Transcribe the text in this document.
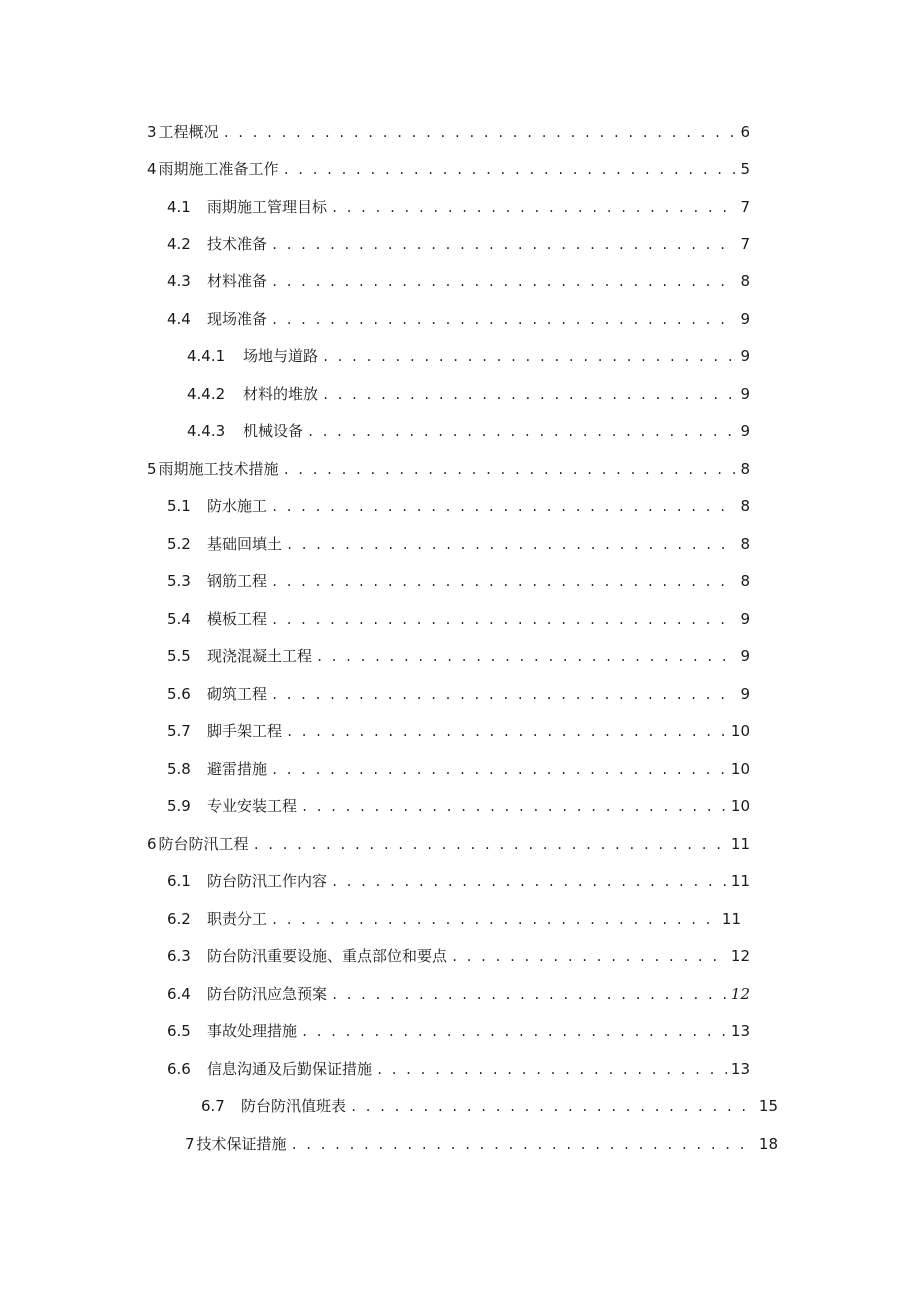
3 工程概况 . . .	6
4 雨期施工准备工作 . . .	5
4.1	雨期施工管理目标 . . .	7
4.2	技术准备 . . .	7
4.3	材料准备 . . .	8
4.4	现场准备 . . .	9
4.4.1	场地与道路 . . .	9
4.4.2	材料的堆放 . . .	9
4.4.3	机械设备 . . .	9
5 雨期施工技术措施 . . .	8
5.1	防水施工 . . .	8
5.2	基础回填土 . . .	8
5.3	钢筋工程 . . .	8
5.4	模板工程 . . .	9
5.5	现浇混凝土工程 . . .	9
5.6	砌筑工程 . . .	9
5.7	脚手架工程 . . .	10
5.8	避雷措施 . . .	10
5.9	专业安装工程 . . .	10
6 防台防汛工程 . . .	11
6.1	防台防汛工作内容 . . .	11
6.2	职责分工 . . .	11
6.3	防台防汛重要设施、重点部位和要点 . . .	12
6.4	防台防汛应急预案 . . .	12
6.5	事故处理措施 . . .	13
6.6	信息沟通及后勤保证措施 . . .	13
6.7	防台防汛值班表 . . .	15
7 技术保证措施 . . .	18
